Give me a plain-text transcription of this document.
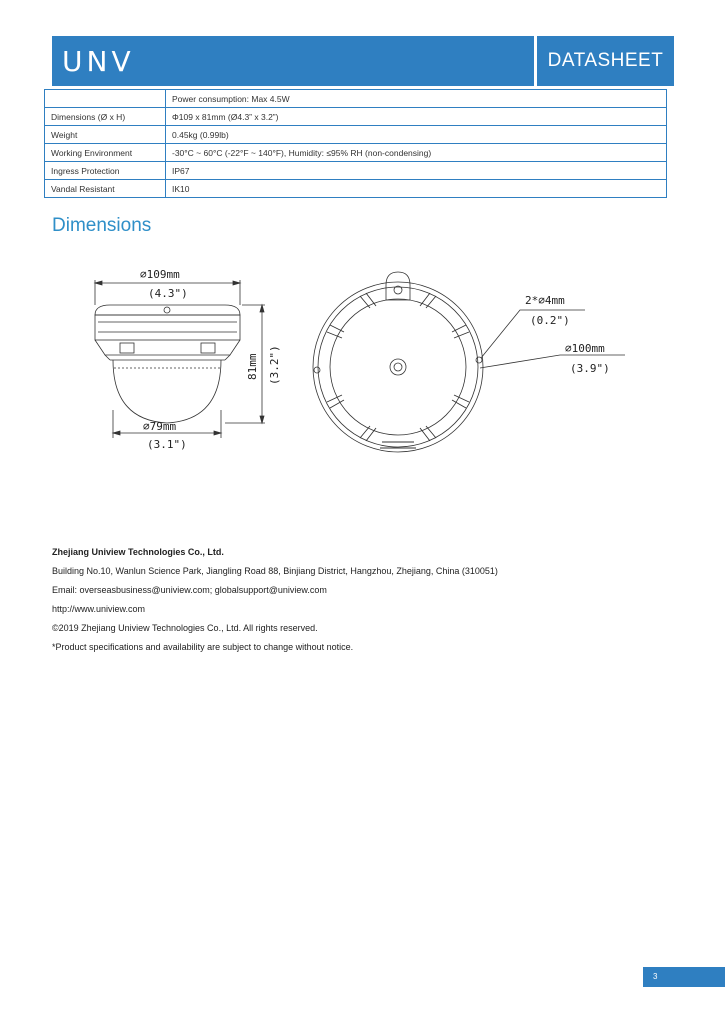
UNV	DATASHEET
	Power consumption: Max 4.5W
Dimensions (Ø x H)	Φ109 x 81mm (Ø4.3” x 3.2”)
Weight	0.45kg (0.99lb)
Working Environment	-30°C ~ 60°C (-22°F ~ 140°F), Humidity: ≤95% RH (non-condensing)
Ingress Protection	IP67
Vandal Resistant	IK10
Dimensions
∅109mm
(4.3")
81mm (3.2")
∅79mm
(3.1")
2*∅4mm
(0.2")
∅100mm
(3.9")
Zhejiang Uniview Technologies Co., Ltd.
Building No.10, Wanlun Science Park, Jiangling Road 88, Binjiang District, Hangzhou, Zhejiang, China (310051)
Email: overseasbusiness@uniview.com; globalsupport@uniview.com
http://www.uniview.com
©2019 Zhejiang Uniview Technologies Co., Ltd. All rights reserved.
*Product specifications and availability are subject to change without notice.
3
